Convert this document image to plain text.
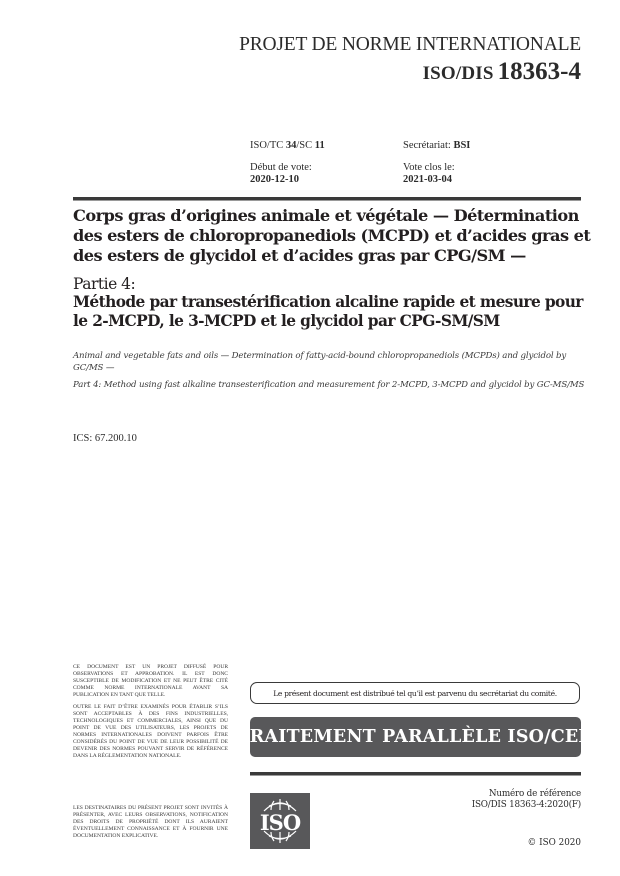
PROJET DE NORME INTERNATIONALE
ISO/DIS 18363-4
ISO/TC 34/SC 11	Secrétariat: BSI
Début de vote:
2020-12-10
Vote clos le:
2021-03-04
Corps gras d’origines animale et végétale — Détermination des esters de chloropropanediols (MCPD) et d’acides gras et des esters de glycidol et d’acides gras par CPG/SM —
Partie 4:
Méthode par transestérification alcaline rapide et mesure pour le 2-MCPD, le 3-MCPD et le glycidol par CPG-SM/SM
Animal and vegetable fats and oils — Determination of fatty-acid-bound chloropropanediols (MCPDs) and glycidol by GC/MS —
Part 4: Method using fast alkaline transesterification and measurement for 2-MCPD, 3-MCPD and glycidol by GC-MS/MS
ICS: 67.200.10
CE DOCUMENT EST UN PROJET DIFFUSÉ POUR OBSERVATIONS ET APPROBATION. IL EST DONC SUSCEPTIBLE DE MODIFICATION ET NE PEUT ÊTRE CITÉ COMME NORME INTERNATIONALE AVANT SA PUBLICATION EN TANT QUE TELLE.
OUTRE LE FAIT D’ÊTRE EXAMINÉS POUR ÉTABLIR S’ILS SONT ACCEPTABLES À DES FINS INDUSTRIELLES, TECHNOLOGIQUES ET COMMERCIALES, AINSI QUE DU POINT DE VUE DES UTILISATEURS, LES PROJETS DE NORMES INTERNATIONALES DOIVENT PARFOIS ÊTRE CONSIDÉRÉS DU POINT DE VUE DE LEUR POSSIBILITÉ DE DEVENIR DES NORMES POUVANT SERVIR DE RÉFÉRENCE DANS LA RÉGLEMENTATION NATIONALE.
LES DESTINATAIRES DU PRÉSENT PROJET SONT INVITÉS À PRÉSENTER, AVEC LEURS OBSERVATIONS, NOTIFICATION DES DROITS DE PROPRIÉTÉ DONT ILS AURAIENT ÉVENTUELLEMENT CONNAISSANCE ET À FOURNIR UNE DOCUMENTATION EXPLICATIVE.
Le présent document est distribué tel qu’il est parvenu du secrétariat du comité.
TRAITEMENT PARALLÈLE ISO/CEN
ISO
Numéro de référence
ISO/DIS 18363-4:2020(F)
© ISO 2020
